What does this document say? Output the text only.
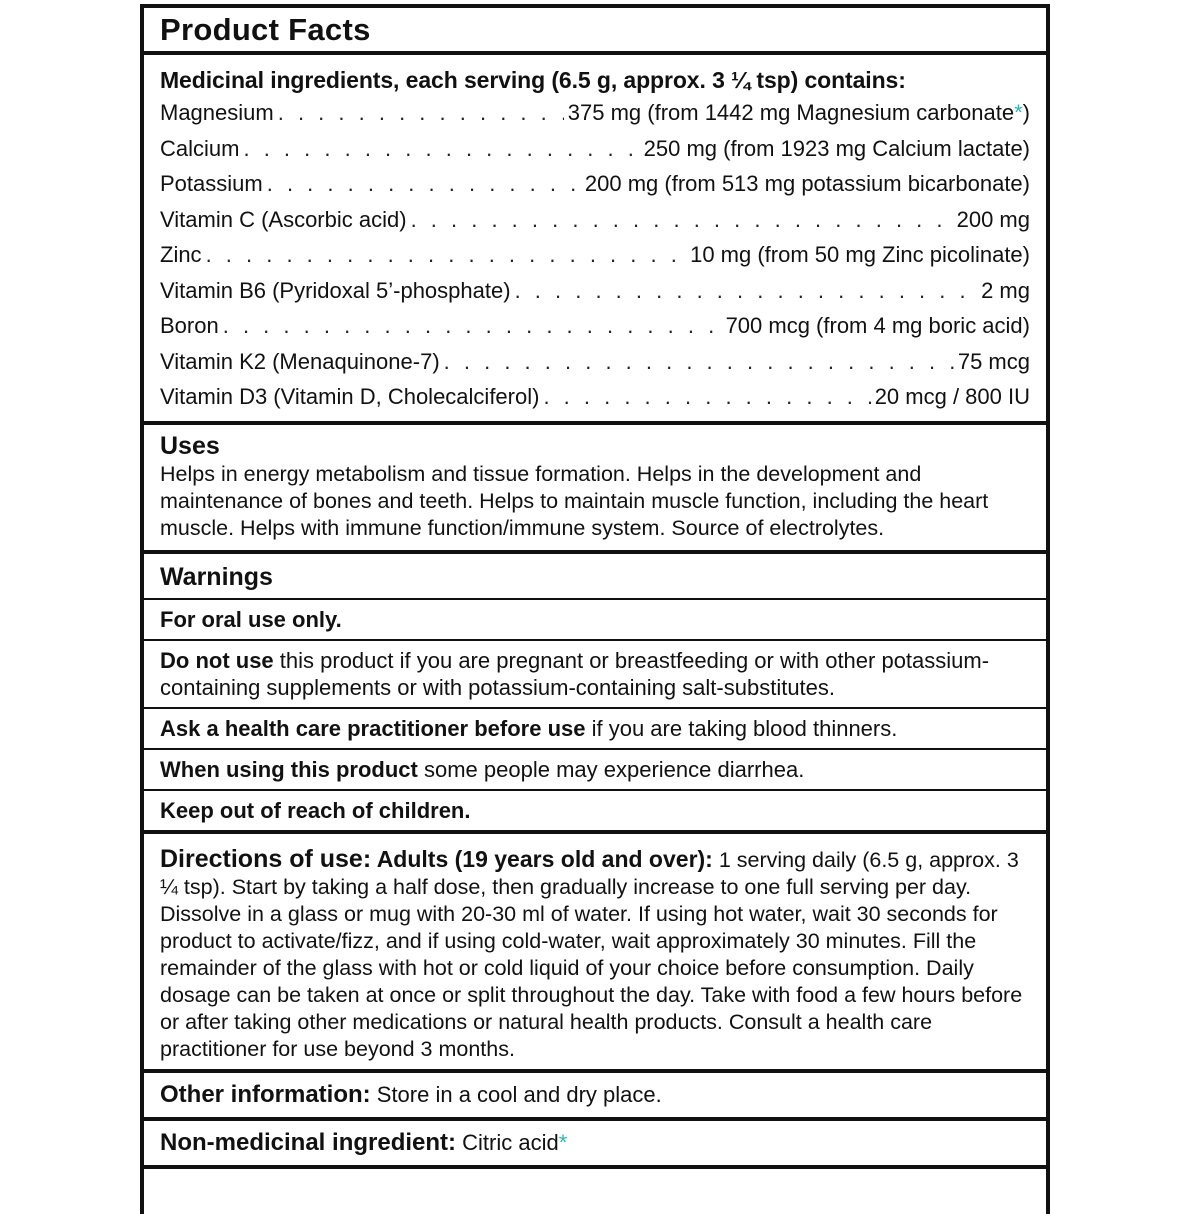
Product Facts
Medicinal ingredients, each serving (6.5 g, approx. 3 ¼ tsp) contains:
Magnesium . . .	375 mg (from 1442 mg Magnesium carbonate*)
Calcium . . .	250 mg (from 1923 mg Calcium lactate)
Potassium . . .	200 mg (from 513 mg potassium bicarbonate)
Vitamin C (Ascorbic acid) . . .	200 mg
Zinc . . .	10 mg (from 50 mg Zinc picolinate)
Vitamin B6 (Pyridoxal 5’-phosphate) . . .	2 mg
Boron . . .	700 mcg (from 4 mg boric acid)
Vitamin K2 (Menaquinone-7) . . .	75 mcg
Vitamin D3 (Vitamin D, Cholecalciferol) . . .	20 mcg / 800 IU
Uses
Helps in energy metabolism and tissue formation. Helps in the development and maintenance of bones and teeth. Helps to maintain muscle function, including the heart muscle. Helps with immune function/immune system. Source of electrolytes.
Warnings
For oral use only.
Do not use this product if you are pregnant or breastfeeding or with other potassium-containing supplements or with potassium-containing salt-substitutes.
Ask a health care practitioner before use if you are taking blood thinners.
When using this product some people may experience diarrhea.
Keep out of reach of children.
Directions of use: Adults (19 years old and over): 1 serving daily (6.5 g, approx. 3 ¼ tsp). Start by taking a half dose, then gradually increase to one full serving per day. Dissolve in a glass or mug with 20-30 ml of water. If using hot water, wait 30 seconds for product to activate/fizz, and if using cold-water, wait approximately 30 minutes. Fill the remainder of the glass with hot or cold liquid of your choice before consumption. Daily dosage can be taken at once or split throughout the day. Take with food a few hours before or after taking other medications or natural health products. Consult a health care practitioner for use beyond 3 months.
Other information: Store in a cool and dry place.
Non-medicinal ingredient: Citric acid*
